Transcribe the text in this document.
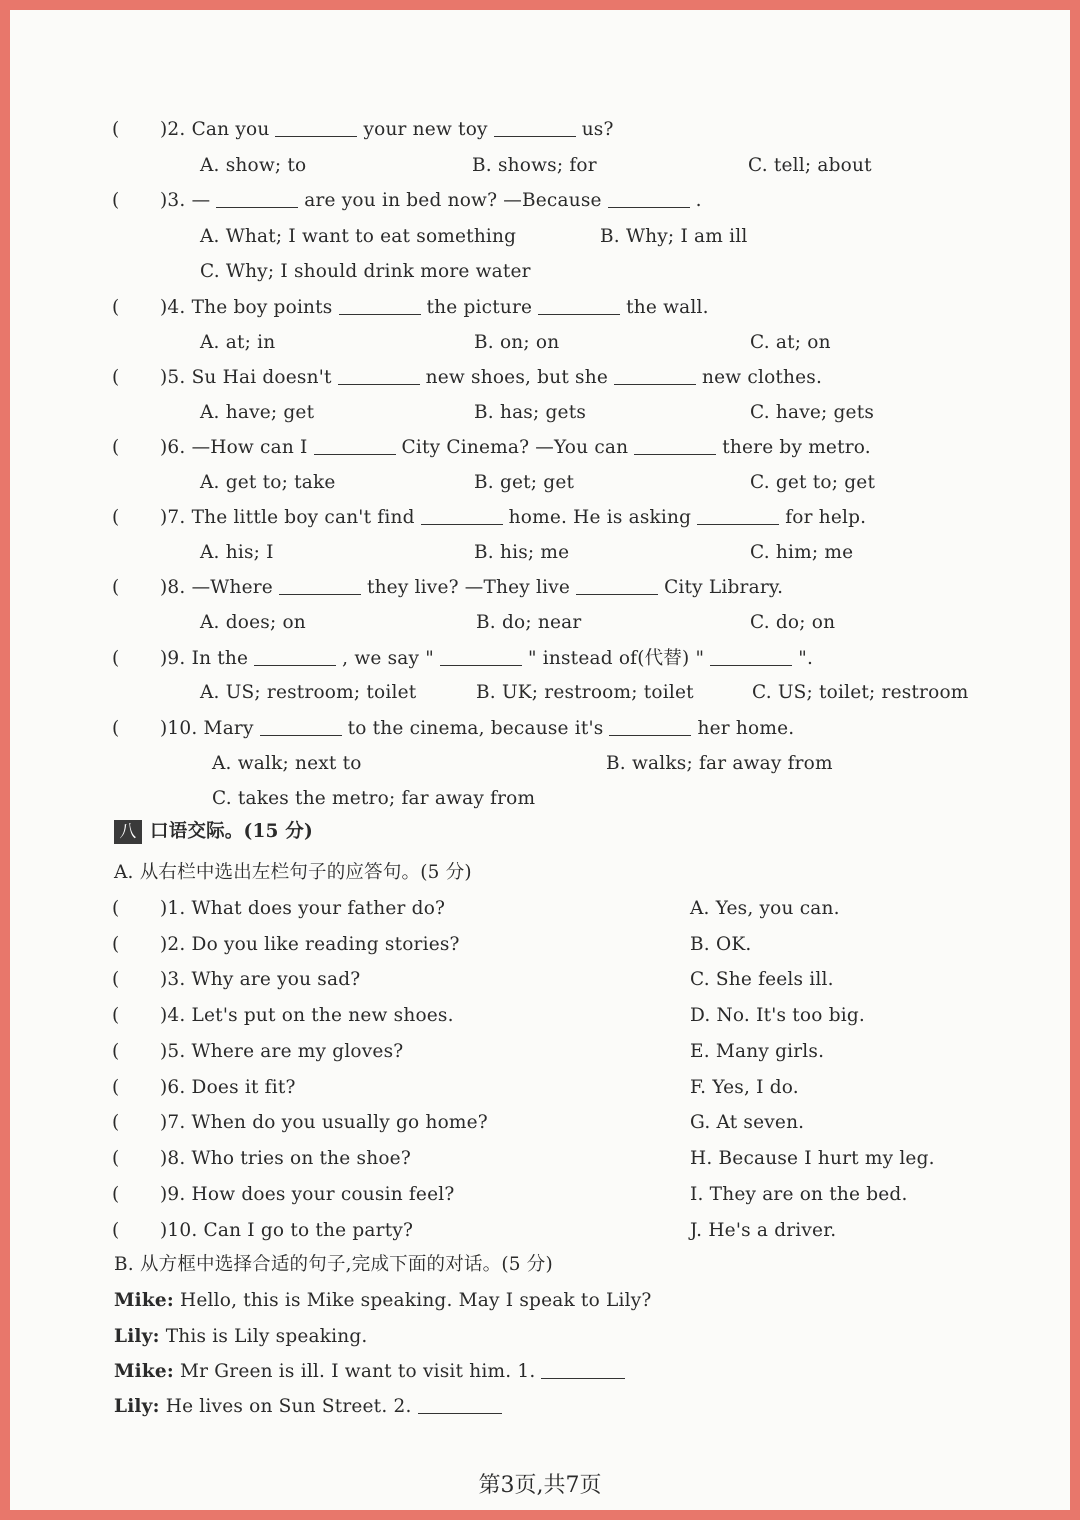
( )2. Can you	your new toy	us?
A. show; to	B. shows; for	C. tell; about
( )3. —	are you in bed now? —Because	.
A. What; I want to eat something	B. Why; I am ill
C. Why; I should drink more water
( )4. The boy points	the picture	the wall.
A. at; in	B. on; on	C. at; on
( )5. Su Hai doesn't	new shoes, but she	new clothes.
A. have; get	B. has; gets	C. have; gets
( )6. —How can I	City Cinema? —You can	there by metro.
A. get to; take	B. get; get	C. get to; get
( )7. The little boy can't find	home. He is asking	for help.
A. his; I	B. his; me	C. him; me
( )8. —Where	they live? —They live	City Library.
A. does; on	B. do; near	C. do; on
( )9. In the	, we say "	" instead of(代替) "	".
A. US; restroom; toilet	B. UK; restroom; toilet	C. US; toilet; restroom
( )10. Mary	to the cinema, because it's	her home.
A. walk; next to	B. walks; far away from
C. takes the metro; far away from
八 口语交际。(15 分)
A. 从右栏中选出左栏句子的应答句。(5 分)
( )1. What does your father do?	A. Yes, you can.
( )2. Do you like reading stories?	B. OK.
( )3. Why are you sad?	C. She feels ill.
( )4. Let's put on the new shoes.	D. No. It's too big.
( )5. Where are my gloves?	E. Many girls.
( )6. Does it fit?	F. Yes, I do.
( )7. When do you usually go home?	G. At seven.
( )8. Who tries on the shoe?	H. Because I hurt my leg.
( )9. How does your cousin feel?	I. They are on the bed.
( )10. Can I go to the party?	J. He's a driver.
B. 从方框中选择合适的句子,完成下面的对话。(5 分)
Mike: Hello, this is Mike speaking. May I speak to Lily?
Lily: This is Lily speaking.
Mike: Mr Green is ill. I want to visit him. 1.
Lily: He lives on Sun Street. 2.
第3页,共7页
